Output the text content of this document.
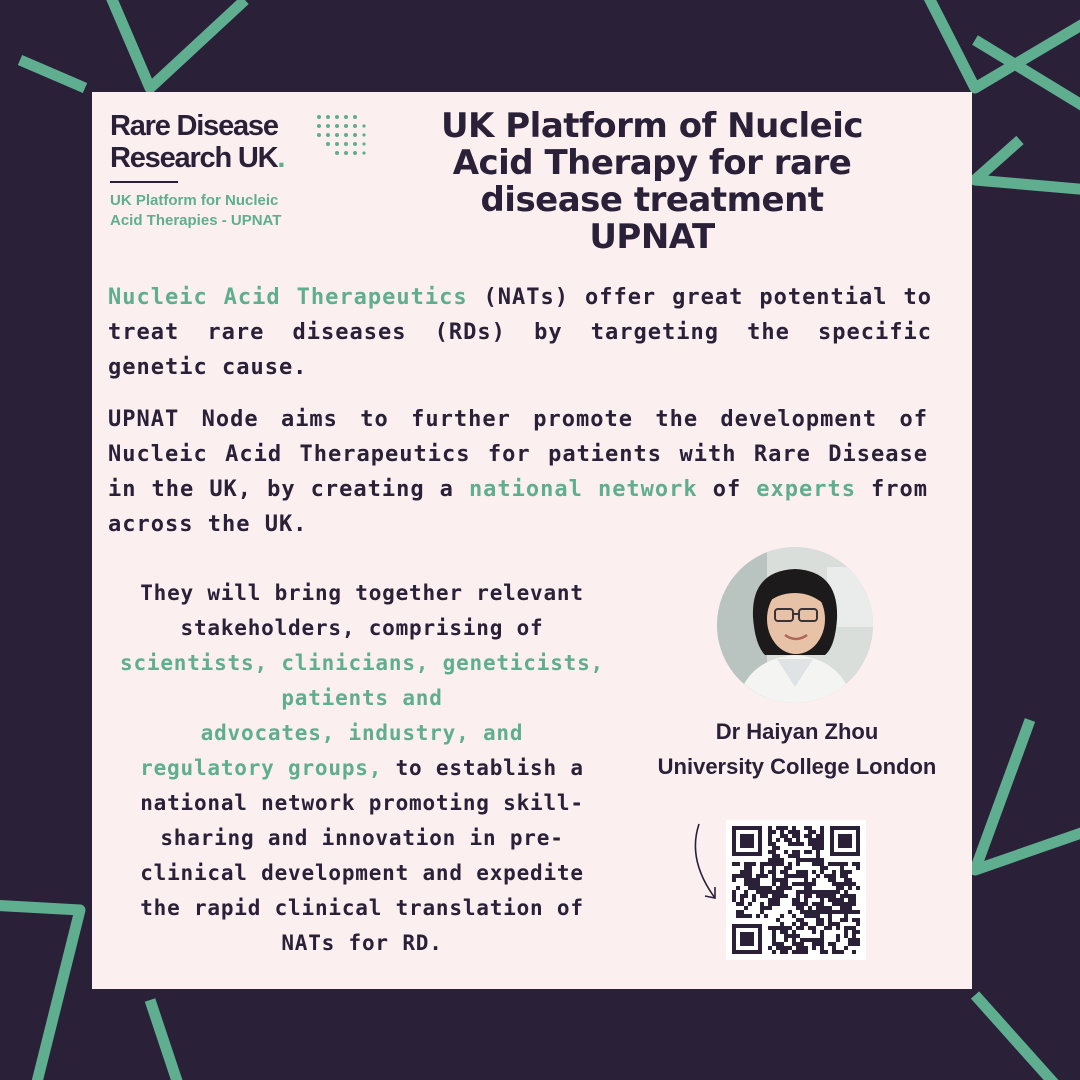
Rare Disease
Research UK.
UK Platform for Nucleic
Acid Therapies - UPNAT
UK Platform of Nucleic
Acid Therapy for rare
disease treatment
UPNAT

Nucleic Acid Therapeutics (NATs) offer great potential to treat rare diseases (RDs) by targeting the specific genetic cause.

UPNAT Node aims to further promote the development of Nucleic Acid Therapeutics for patients with Rare Disease in the UK, by creating a national network of experts from across the UK.

They will bring together relevant
stakeholders, comprising of
scientists, clinicians, geneticists,
patients and
advocates, industry, and
regulatory groups, to establish a
national network promoting skill-
sharing and innovation in pre-
clinical development and expedite
the rapid clinical translation of
NATs for RD.
Dr Haiyan Zhou
University College London
